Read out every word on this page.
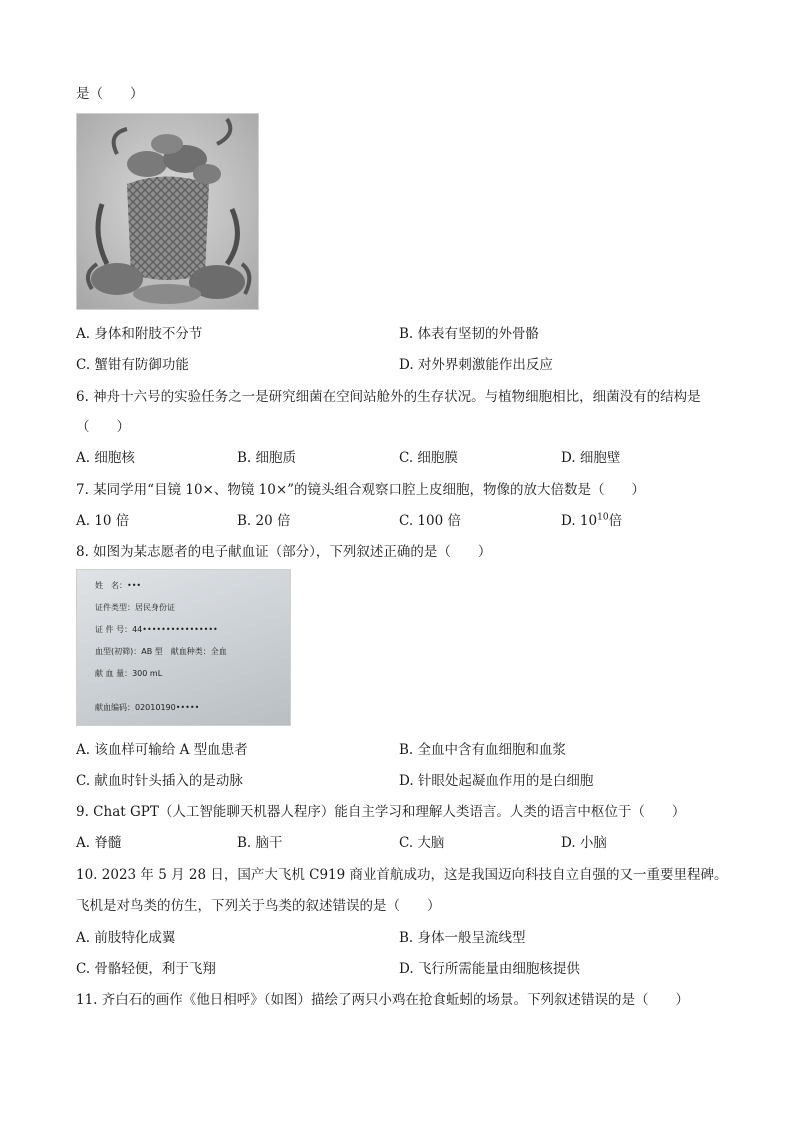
是（　　）
A. 身体和附肢不分节	B. 体表有坚韧的外骨骼
C. 蟹钳有防御功能	D. 对外界刺激能作出反应
6. 神舟十六号的实验任务之一是研究细菌在空间站舱外的生存状况。与植物细胞相比，细菌没有的结构是
（　　）
A. 细胞核	B. 细胞质	C. 细胞膜	D. 细胞壁
7. 某同学用“目镜 10×、物镜 10×”的镜头组合观察口腔上皮细胞，物像的放大倍数是（　　）
A. 10 倍	B. 20 倍	C. 100 倍	D. $10^{10}$倍
8. 如图为某志愿者的电子献血证（部分），下列叙述正确的是（　　）
姓　名：•••
证件类型：居民身份证
证 件 号：44••••••••••••••••
血型(初筛)：AB 型　献血种类：全血
献 血 量：300 mL
献血编码：02010190•••••
A. 该血样可输给 A 型血患者	B. 全血中含有血细胞和血浆
C. 献血时针头插入的是动脉	D. 针眼处起凝血作用的是白细胞
9. Chat GPT（人工智能聊天机器人程序）能自主学习和理解人类语言。人类的语言中枢位于（　　）
A. 脊髓	B. 脑干	C. 大脑	D. 小脑
10. 2023 年 5 月 28 日，国产大飞机 C919 商业首航成功，这是我国迈向科技自立自强的又一重要里程碑。
飞机是对鸟类的仿生，下列关于鸟类的叙述错误的是（　　）
A. 前肢特化成翼	B. 身体一般呈流线型
C. 骨骼轻便，利于飞翔	D. 飞行所需能量由细胞核提供
11. 齐白石的画作《他日相呼》（如图）描绘了两只小鸡在抢食蚯蚓的场景。下列叙述错误的是（　　）
